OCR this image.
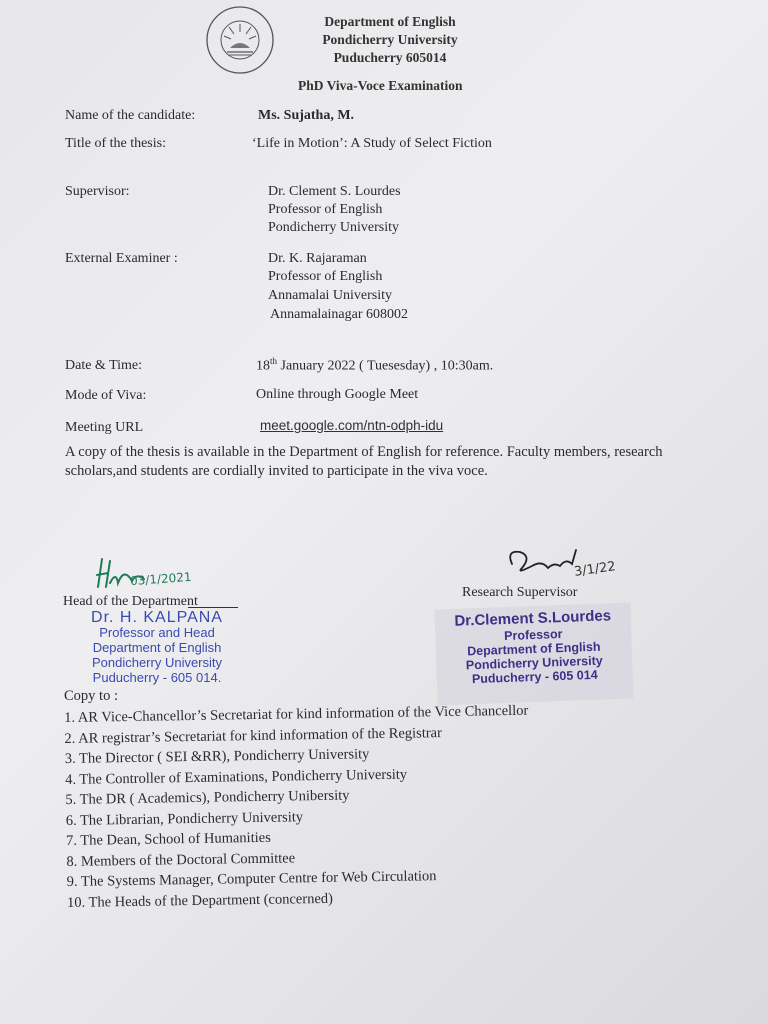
Department of English
Pondicherry University
Puducherry 605014
PhD Viva-Voce Examination
Name of the candidate:	Ms. Sujatha, M.
Title of the thesis:	‘Life in Motion’: A Study of Select Fiction
Supervisor:	Dr. Clement S. Lourdes
Professor of English
Pondicherry University
External Examiner :	Dr. K. Rajaraman
Professor of English
Annamalai University
Annamalainagar 608002
Date & Time:	18th January 2022 ( Tuesesday) , 10:30am.
Mode of Viva:	Online through Google Meet
Meeting URL	meet.google.com/ntn-odph-idu
A copy of the thesis is available in the Department of English for reference. Faculty members, research scholars,and students are cordially invited to participate in the viva voce.
03/1/2021
Head of the Department
Dr. H. KALPANA
Professor and Head
Department of English
Pondicherry University
Puducherry - 605 014.
3/1/22
Research Supervisor
Dr.Clement S.Lourdes
Professor
Department of English
Pondicherry University
Puducherry - 605 014
Copy to :
1. AR Vice-Chancellor’s Secretariat for kind information of the Vice Chancellor
2. AR registrar’s Secretariat for kind information of the Registrar
3. The Director ( SEI &RR), Pondicherry University
4. The Controller of Examinations, Pondicherry University
5. The DR ( Academics), Pondicherry Unibersity
6. The Librarian, Pondicherry University
7. The Dean, School of Humanities
8. Members of the Doctoral Committee
9. The Systems Manager, Computer Centre for Web Circulation
10. The Heads of the Department (concerned)
